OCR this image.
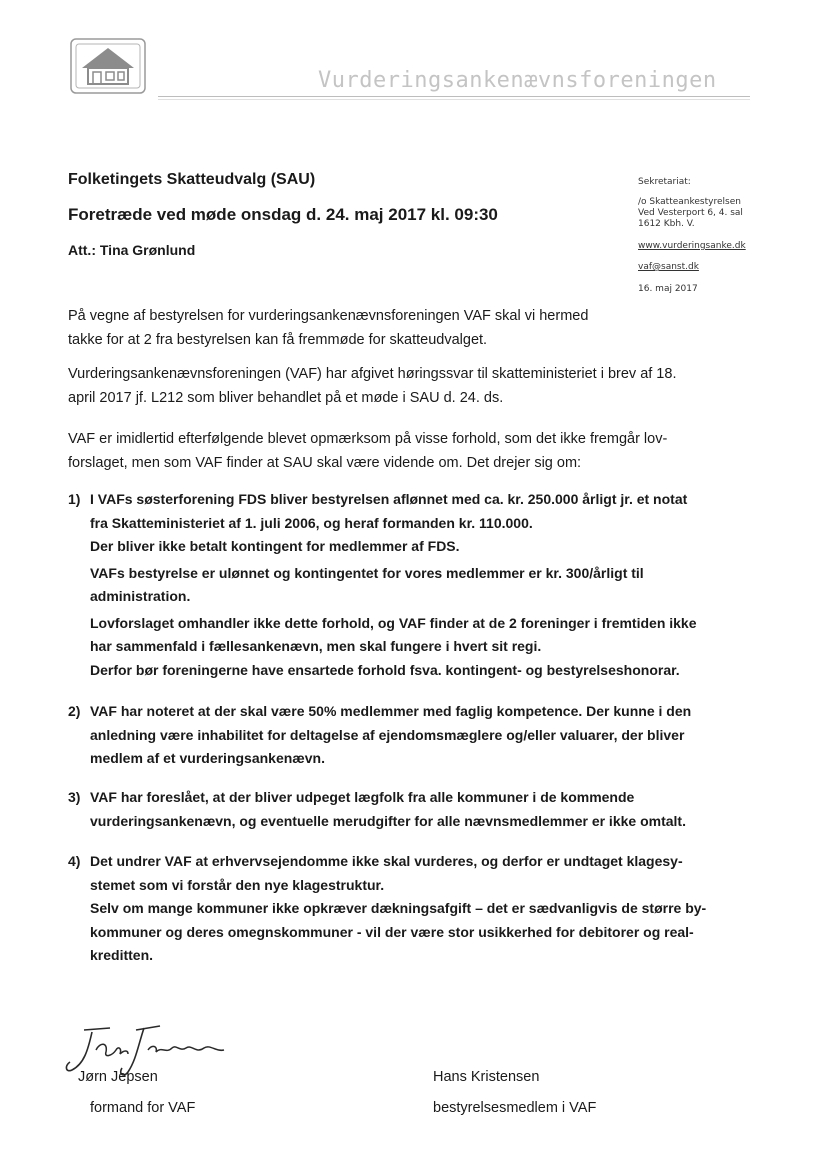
Vurderingsankenævnsforeningen
Folketingets Skatteudvalg (SAU)
Foretræde ved møde onsdag d. 24. maj 2017 kl. 09:30
Att.: Tina Grønlund
Sekretariat:
/o Skatteankestyrelsen
Ved Vesterport 6, 4. sal
1612 Kbh. V.
www.vurderingsanke.dk
vaf@sanst.dk
16. maj 2017
På vegne af bestyrelsen for vurderingsankenævnsforeningen VAF skal vi hermed
takke for at 2 fra bestyrelsen kan få fremmøde for skatteudvalget.
Vurderingsankenævnsforeningen (VAF) har afgivet høringssvar til skatteministeriet i brev af 18.
april 2017 jf. L212 som bliver behandlet på et møde i SAU d. 24. ds.
VAF er imidlertid efterfølgende blevet opmærksom på visse forhold, som det ikke fremgår lov-
forslaget, men som VAF finder at SAU skal være vidende om. Det drejer sig om:
1) I VAFs søsterforening FDS bliver bestyrelsen aflønnet med ca. kr. 250.000 årligt jr. et notat
fra Skatteministeriet af 1. juli 2006, og heraf formanden kr. 110.000.
Der bliver ikke betalt kontingent for medlemmer af FDS.
VAFs bestyrelse er ulønnet og kontingentet for vores medlemmer er kr. 300/årligt til
administration.
Lovforslaget omhandler ikke dette forhold, og VAF finder at de 2 foreninger i fremtiden ikke
har sammenfald i fællesankenævn, men skal fungere i hvert sit regi.
Derfor bør foreningerne have ensartede forhold fsva. kontingent- og bestyrelseshonorar.
2) VAF har noteret at der skal være 50% medlemmer med faglig kompetence. Der kunne i den
anledning være inhabilitet for deltagelse af ejendomsmæglere og/eller valuarer, der bliver
medlem af et vurderingsankenævn.
3) VAF har foreslået, at der bliver udpeget lægfolk fra alle kommuner i de kommende
vurderingsankenævn, og eventuelle merudgifter for alle nævnsmedlemmer er ikke omtalt.
4) Det undrer VAF at erhvervsejendomme ikke skal vurderes, og derfor er undtaget klagesy-
stemet som vi forstår den nye klagestruktur.
Selv om mange kommuner ikke opkræver dækningsafgift – det er sædvanligvis de større by-
kommuner og deres omegnskommuner - vil der være stor usikkerhed for debitorer og real-
kreditten.
Jørn Jepsen
formand for VAF
Hans Kristensen
bestyrelsesmedlem i VAF
